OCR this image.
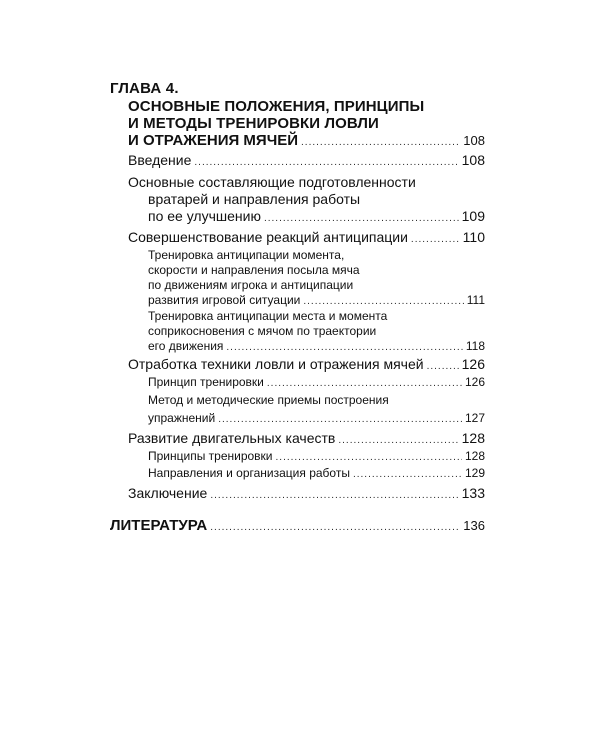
ГЛАВА 4.
ОСНОВНЫЕ ПОЛОЖЕНИЯ, ПРИНЦИПЫ
И МЕТОДЫ ТРЕНИРОВКИ ЛОВЛИ
И ОТРАЖЕНИЯ МЯЧЕЙ .....	108
Введение .....	108
Основные составляющие подготовленности
вратарей и направления работы
по ее улучшению .....	109
Совершенствование реакций антиципации .....	110
Тренировка антиципации момента,
скорости и направления посыла мяча
по движениям игрока и антиципации
развития игровой ситуации .....	111
Тренировка антиципации места и момента
соприкосновения с мячом по траектории
его движения .....	118
Отработка техники ловли и отражения мячей .....	126
Принцип тренировки .....	126
Метод и методические приемы построения
упражнений .....	127
Развитие двигательных качеств .....	128
Принципы тренировки .....	128
Направления и организация работы .....	129
Заключение .....	133
ЛИТЕРАТУРА .....	136
